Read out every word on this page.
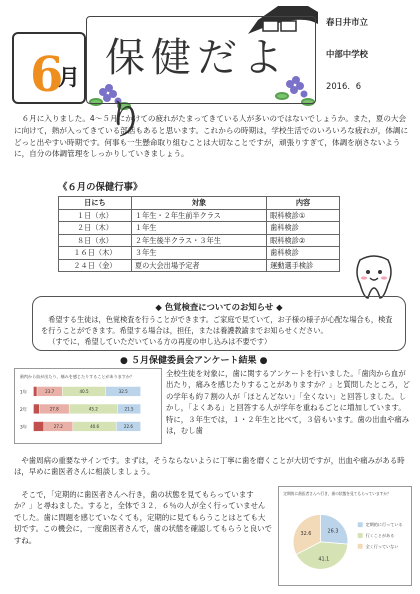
6
月 保健だより
春日井市立
中部中学校
2016．6

６月に入りました。4～５月にかけての疲れがたまってきている人が多いのではないでしょうか。また，夏の大会に向けて，熱が入ってきている部活もあると思います。これからの時期は，学校生活でのいろいろな疲れが，体調にどっと出やすい時期です。何事も一生懸命取り組むことは大切なことですが，頑張りすぎて，体調を崩さないように，自分の体調管理をしっかりしていきましょう。

《６月の保健行事》
日にち	対象	内容
１日（水）	１年生・２年生前半クラス	眼科検診①
２日（木）	１年生	歯科検診
８日（水）	２年生後半クラス・３年生	眼科検診②
１６日（木）	３年生	歯科検診
２４日（金）	夏の大会出場予定者	運動選手検診
◆ 色覚検査についてのお知らせ ◆

希望する生徒は，色覚検査を行うことができます。ご家庭で見ていて，お子様の様子が心配な場合も，検査を行うことができます。希望する場合は，担任，または養護教諭までお知らせください。

（すでに，希望していただいている方の再度の申し込みは不要です）

● ５月保健委員会アンケート結果 ●
歯肉から血が出たり，痛みを感じたりすることがありますか？
1年	23.7	40.5	32.5
2年	27.8	45.2	21.5
3年	27.2	40.6	22.6
全校生徒を対象に，歯に関するアンケートを行いました。「歯肉から血が出たり，痛みを感じたりすることがありますか？」と質問したところ，どの学年も約７割の人が「ほとんどない」「全くない」と回答しました。しかし，「よくある」と回答する人が学年を重ねるごとに増加しています。特に，３年生では，１・２年生と比べて，３倍もいます。歯の出血や痛みは，むし歯
や歯周病の重要なサインです。まずは，そうならないように丁寧に歯を磨くことが大切ですが，出血や痛みがある時は，早めに歯医者さんに相談しましょう。
そこで，「定期的に歯医者さんへ行き，歯の状態を見てもらっていますか？」と尋ねました。すると，全体で３２．６％の人が全く行っていませんでした。歯に問題を感じていなくても，定期的に見てもらうことはとても大切です。この機会に，一度歯医者さんで，歯の状態を確認してもらうと良いですね。
定期的に歯医者さんへ行き，歯の状態を見てもらっていますか？
26.3
定期的に行っている
41.1
行くことがある
32.6
全く行っていない
